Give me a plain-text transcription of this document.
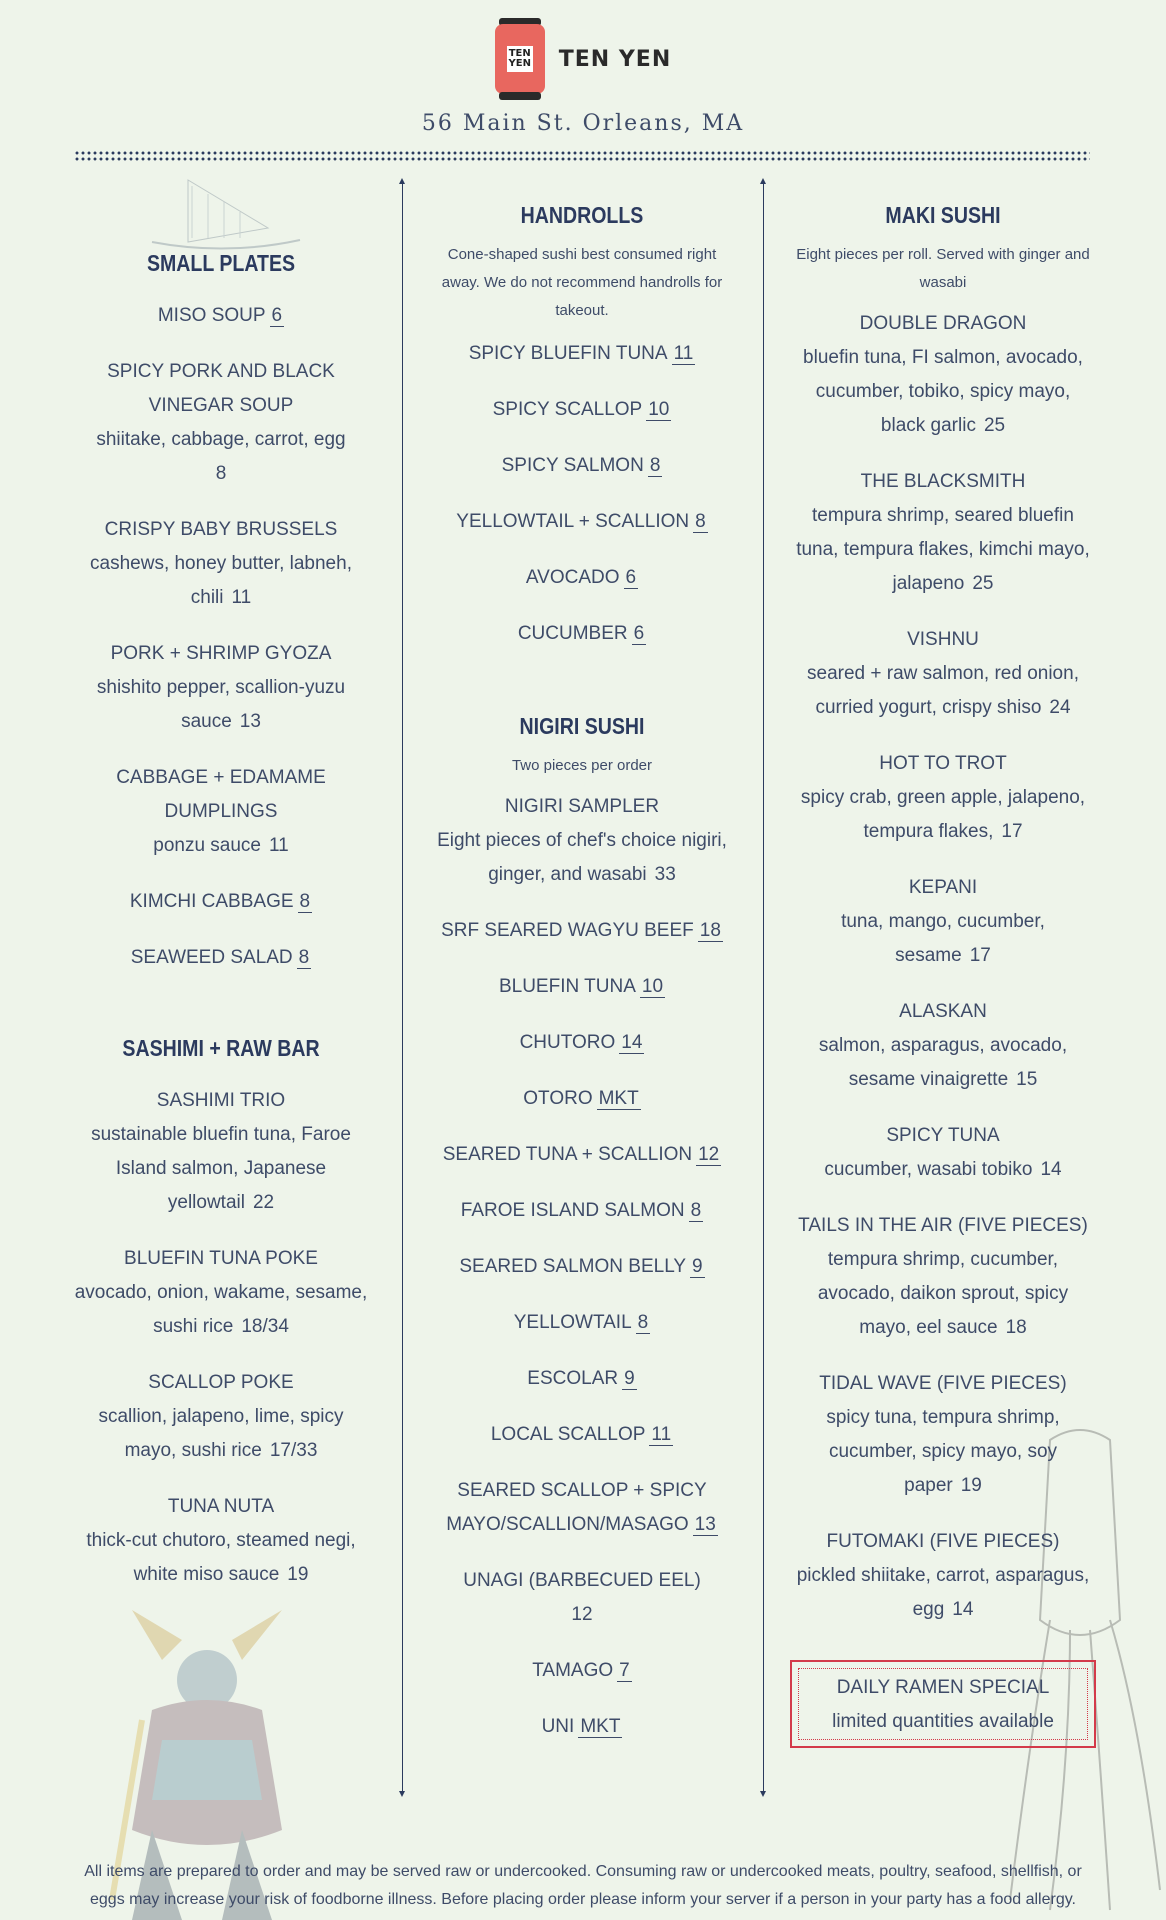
TEN
YEN TEN YEN
56 Main St. Orleans, MA
SMALL PLATES
MISO SOUP 6
SPICY PORK AND BLACK VINEGAR SOUP
shiitake, cabbage, carrot, egg
8
CRISPY BABY BRUSSELS
cashews, honey butter, labneh, chili 11
PORK + SHRIMP GYOZA
shishito pepper, scallion-yuzu sauce 13
CABBAGE + EDAMAME DUMPLINGS
ponzu sauce 11
KIMCHI CABBAGE 8
SEAWEED SALAD 8
SASHIMI + RAW BAR
SASHIMI TRIO
sustainable bluefin tuna, Faroe Island salmon, Japanese yellowtail 22
BLUEFIN TUNA POKE
avocado, onion, wakame, sesame, sushi rice 18/34
SCALLOP POKE
scallion, jalapeno, lime, spicy mayo, sushi rice 17/33
TUNA NUTA
thick-cut chutoro, steamed negi, white miso sauce 19
HANDROLLS
Cone-shaped sushi best consumed right away. We do not recommend handrolls for takeout.
SPICY BLUEFIN TUNA 11
SPICY SCALLOP 10
SPICY SALMON 8
YELLOWTAIL + SCALLION 8
AVOCADO 6
CUCUMBER 6
NIGIRI SUSHI
Two pieces per order
NIGIRI SAMPLER
Eight pieces of chef's choice nigiri, ginger, and wasabi 33
SRF SEARED WAGYU BEEF 18
BLUEFIN TUNA 10
CHUTORO 14
OTORO MKT
SEARED TUNA + SCALLION 12
FAROE ISLAND SALMON 8
SEARED SALMON BELLY 9
YELLOWTAIL 8
ESCOLAR 9
LOCAL SCALLOP 11
SEARED SCALLOP + SPICY MAYO/SCALLION/MASAGO 13
UNAGI (BARBECUED EEL)
12
TAMAGO 7
UNI MKT
MAKI SUSHI
Eight pieces per roll. Served with ginger and wasabi
DOUBLE DRAGON
bluefin tuna, FI salmon, avocado, cucumber, tobiko, spicy mayo, black garlic 25
THE BLACKSMITH
tempura shrimp, seared bluefin tuna, tempura flakes, kimchi mayo, jalapeno 25
VISHNU
seared + raw salmon, red onion, curried yogurt, crispy shiso 24
HOT TO TROT
spicy crab, green apple, jalapeno, tempura flakes, 17
KEPANI
tuna, mango, cucumber, sesame 17
ALASKAN
salmon, asparagus, avocado, sesame vinaigrette 15
SPICY TUNA
cucumber, wasabi tobiko 14
TAILS IN THE AIR (FIVE PIECES)
tempura shrimp, cucumber, avocado, daikon sprout, spicy mayo, eel sauce 18
TIDAL WAVE (FIVE PIECES)
spicy tuna, tempura shrimp, cucumber, spicy mayo, soy paper 19
FUTOMAKI (FIVE PIECES)
pickled shiitake, carrot, asparagus, egg 14
DAILY RAMEN SPECIAL
limited quantities available
All items are prepared to order and may be served raw or undercooked. Consuming raw or undercooked meats, poultry, seafood, shellfish, or eggs may increase your risk of foodborne illness. Before placing order please inform your server if a person in your party has a food allergy.
